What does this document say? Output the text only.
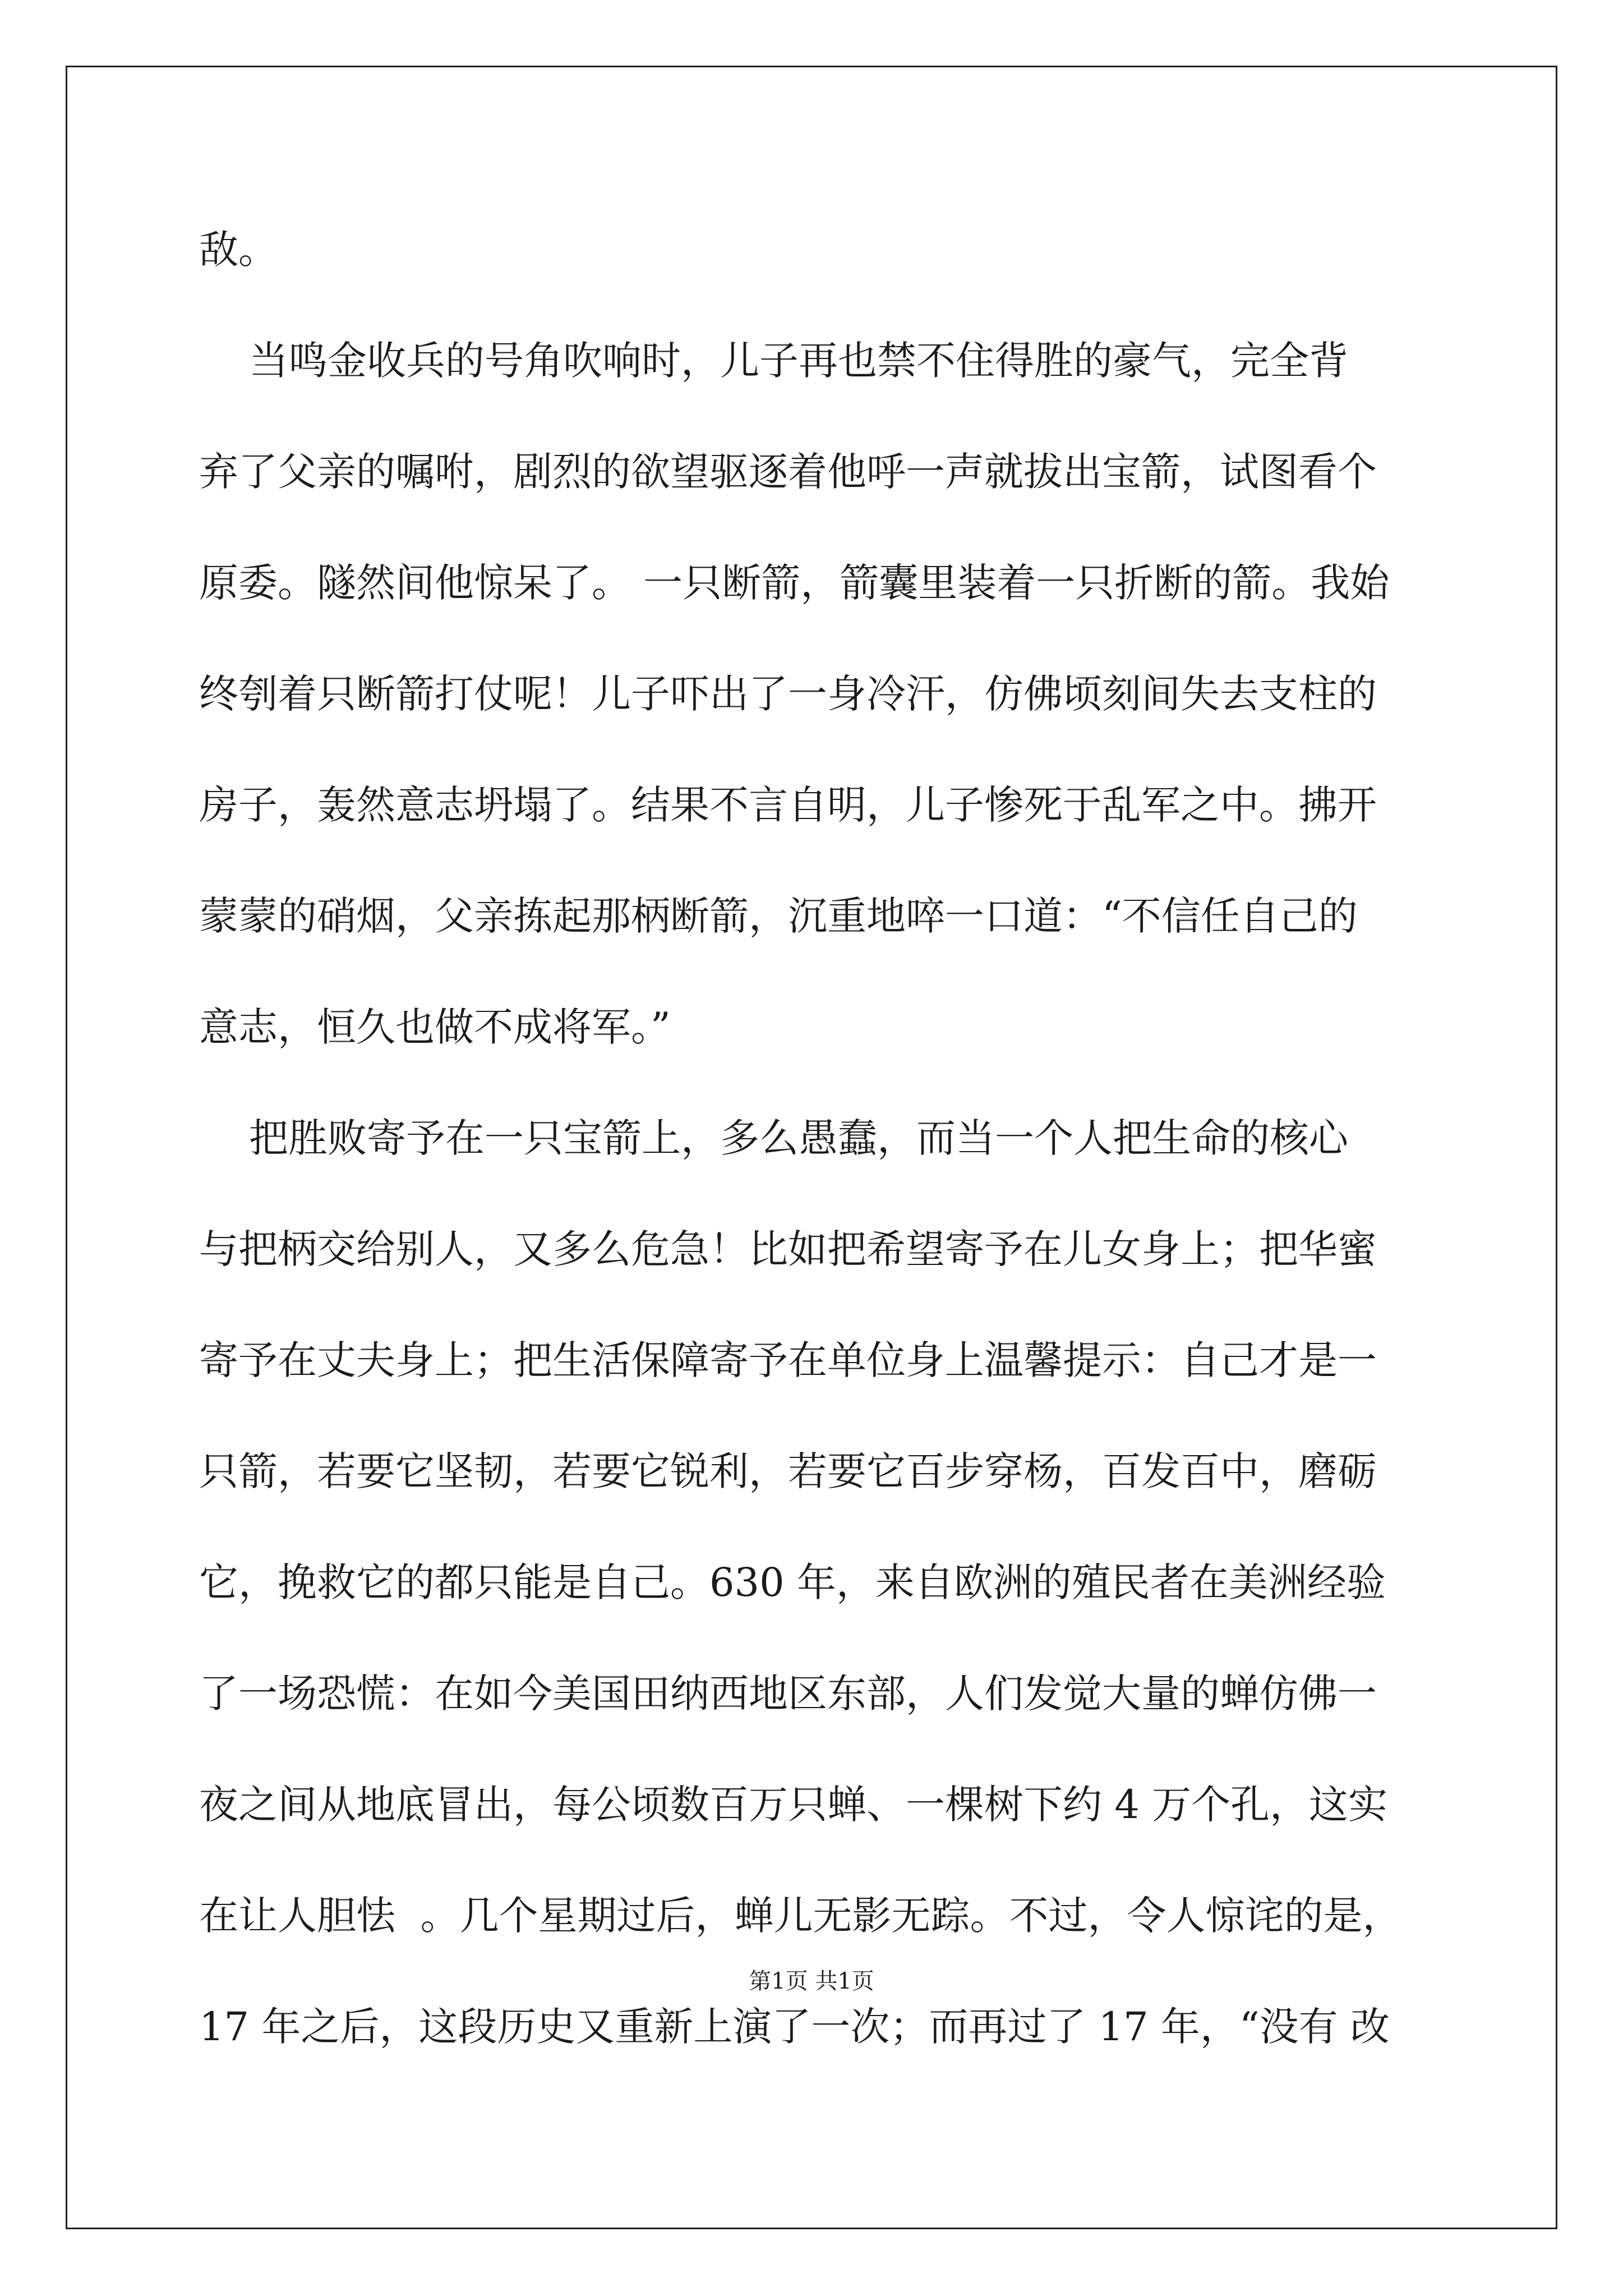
敌。
当鸣金收兵的号角吹响时，儿子再也禁不住得胜的豪气，完全背
弃了父亲的嘱咐，剧烈的欲望驱逐着他呼一声就拔出宝箭，试图看个
原委。隧然间他惊呆了。 一只断箭，箭囊里装着一只折断的箭。我始
终刳着只断箭打仗呢！儿子吓出了一身冷汗，仿佛顷刻间失去支柱的
房子，轰然意志坍塌了。结果不言自明，儿子惨死于乱军之中。拂开
蒙蒙的硝烟，父亲拣起那柄断箭，沉重地啐一口道：“不信任自己的
意志，恒久也做不成将军。”
把胜败寄予在一只宝箭上，多么愚蠢，而当一个人把生命的核心
与把柄交给别人，又多么危急！比如把希望寄予在儿女身上；把华蜜
寄予在丈夫身上；把生活保障寄予在单位身上温馨提示：自己才是一
只箭，若要它坚韧，若要它锐利，若要它百步穿杨，百发百中，磨砺
它，挽救它的都只能是自己。630 年，来自欧洲的殖民者在美洲经验
了一场恐慌：在如今美国田纳西地区东部，人们发觉大量的蝉仿佛一
夜之间从地底冒出，每公顷数百万只蝉、一棵树下约 4 万个孔，这实
在让人胆怯  。几个星期过后，蝉儿无影无踪。不过，令人惊诧的是，
17 年之后，这段历史又重新上演了一次；而再过了 17 年，“没有 改
第1页 共1页
